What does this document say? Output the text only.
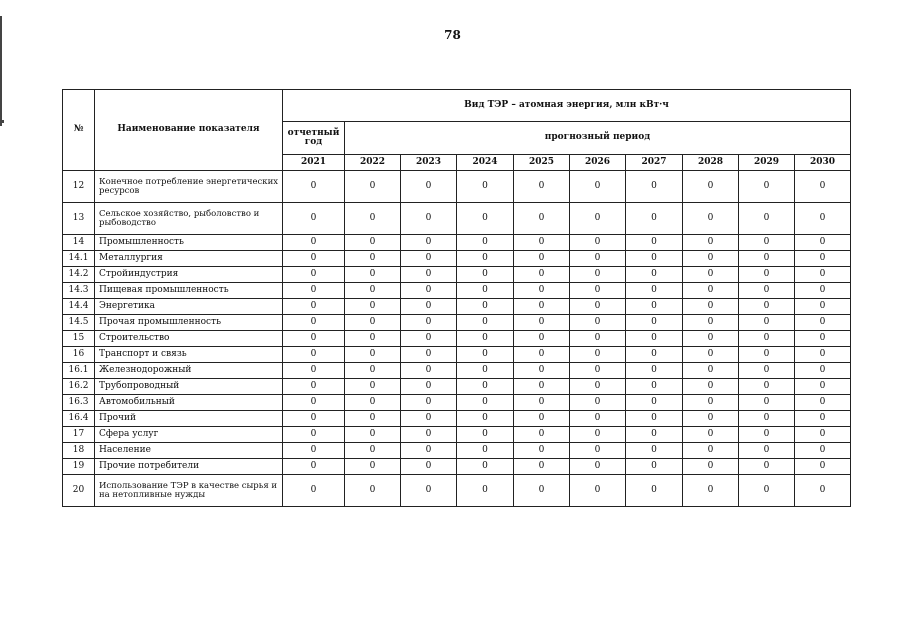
78
№	Наименование показателя	Вид ТЭР – атомная энергия, млн кВт·ч									
		отчетный год	прогнозный период								
		2021	2022	2023	2024	2025	2026	2027	2028	2029	2030
12	Конечное потребление энергетических ресурсов	0	0	0	0	0	0	0	0	0	0
13	Сельское хозяйство, рыболовство и рыбоводство	0	0	0	0	0	0	0	0	0	0
14	Промышленность	0	0	0	0	0	0	0	0	0	0
14.1	Металлургия	0	0	0	0	0	0	0	0	0	0
14.2	Стройиндустрия	0	0	0	0	0	0	0	0	0	0
14.3	Пищевая промышленность	0	0	0	0	0	0	0	0	0	0
14.4	Энергетика	0	0	0	0	0	0	0	0	0	0
14.5	Прочая промышленность	0	0	0	0	0	0	0	0	0	0
15	Строительство	0	0	0	0	0	0	0	0	0	0
16	Транспорт и связь	0	0	0	0	0	0	0	0	0	0
16.1	Железнодорожный	0	0	0	0	0	0	0	0	0	0
16.2	Трубопроводный	0	0	0	0	0	0	0	0	0	0
16.3	Автомобильный	0	0	0	0	0	0	0	0	0	0
16.4	Прочий	0	0	0	0	0	0	0	0	0	0
17	Сфера услуг	0	0	0	0	0	0	0	0	0	0
18	Население	0	0	0	0	0	0	0	0	0	0
19	Прочие потребители	0	0	0	0	0	0	0	0	0	0
20	Использование ТЭР в качестве сырья и на нетопливные нужды	0	0	0	0	0	0	0	0	0	0
